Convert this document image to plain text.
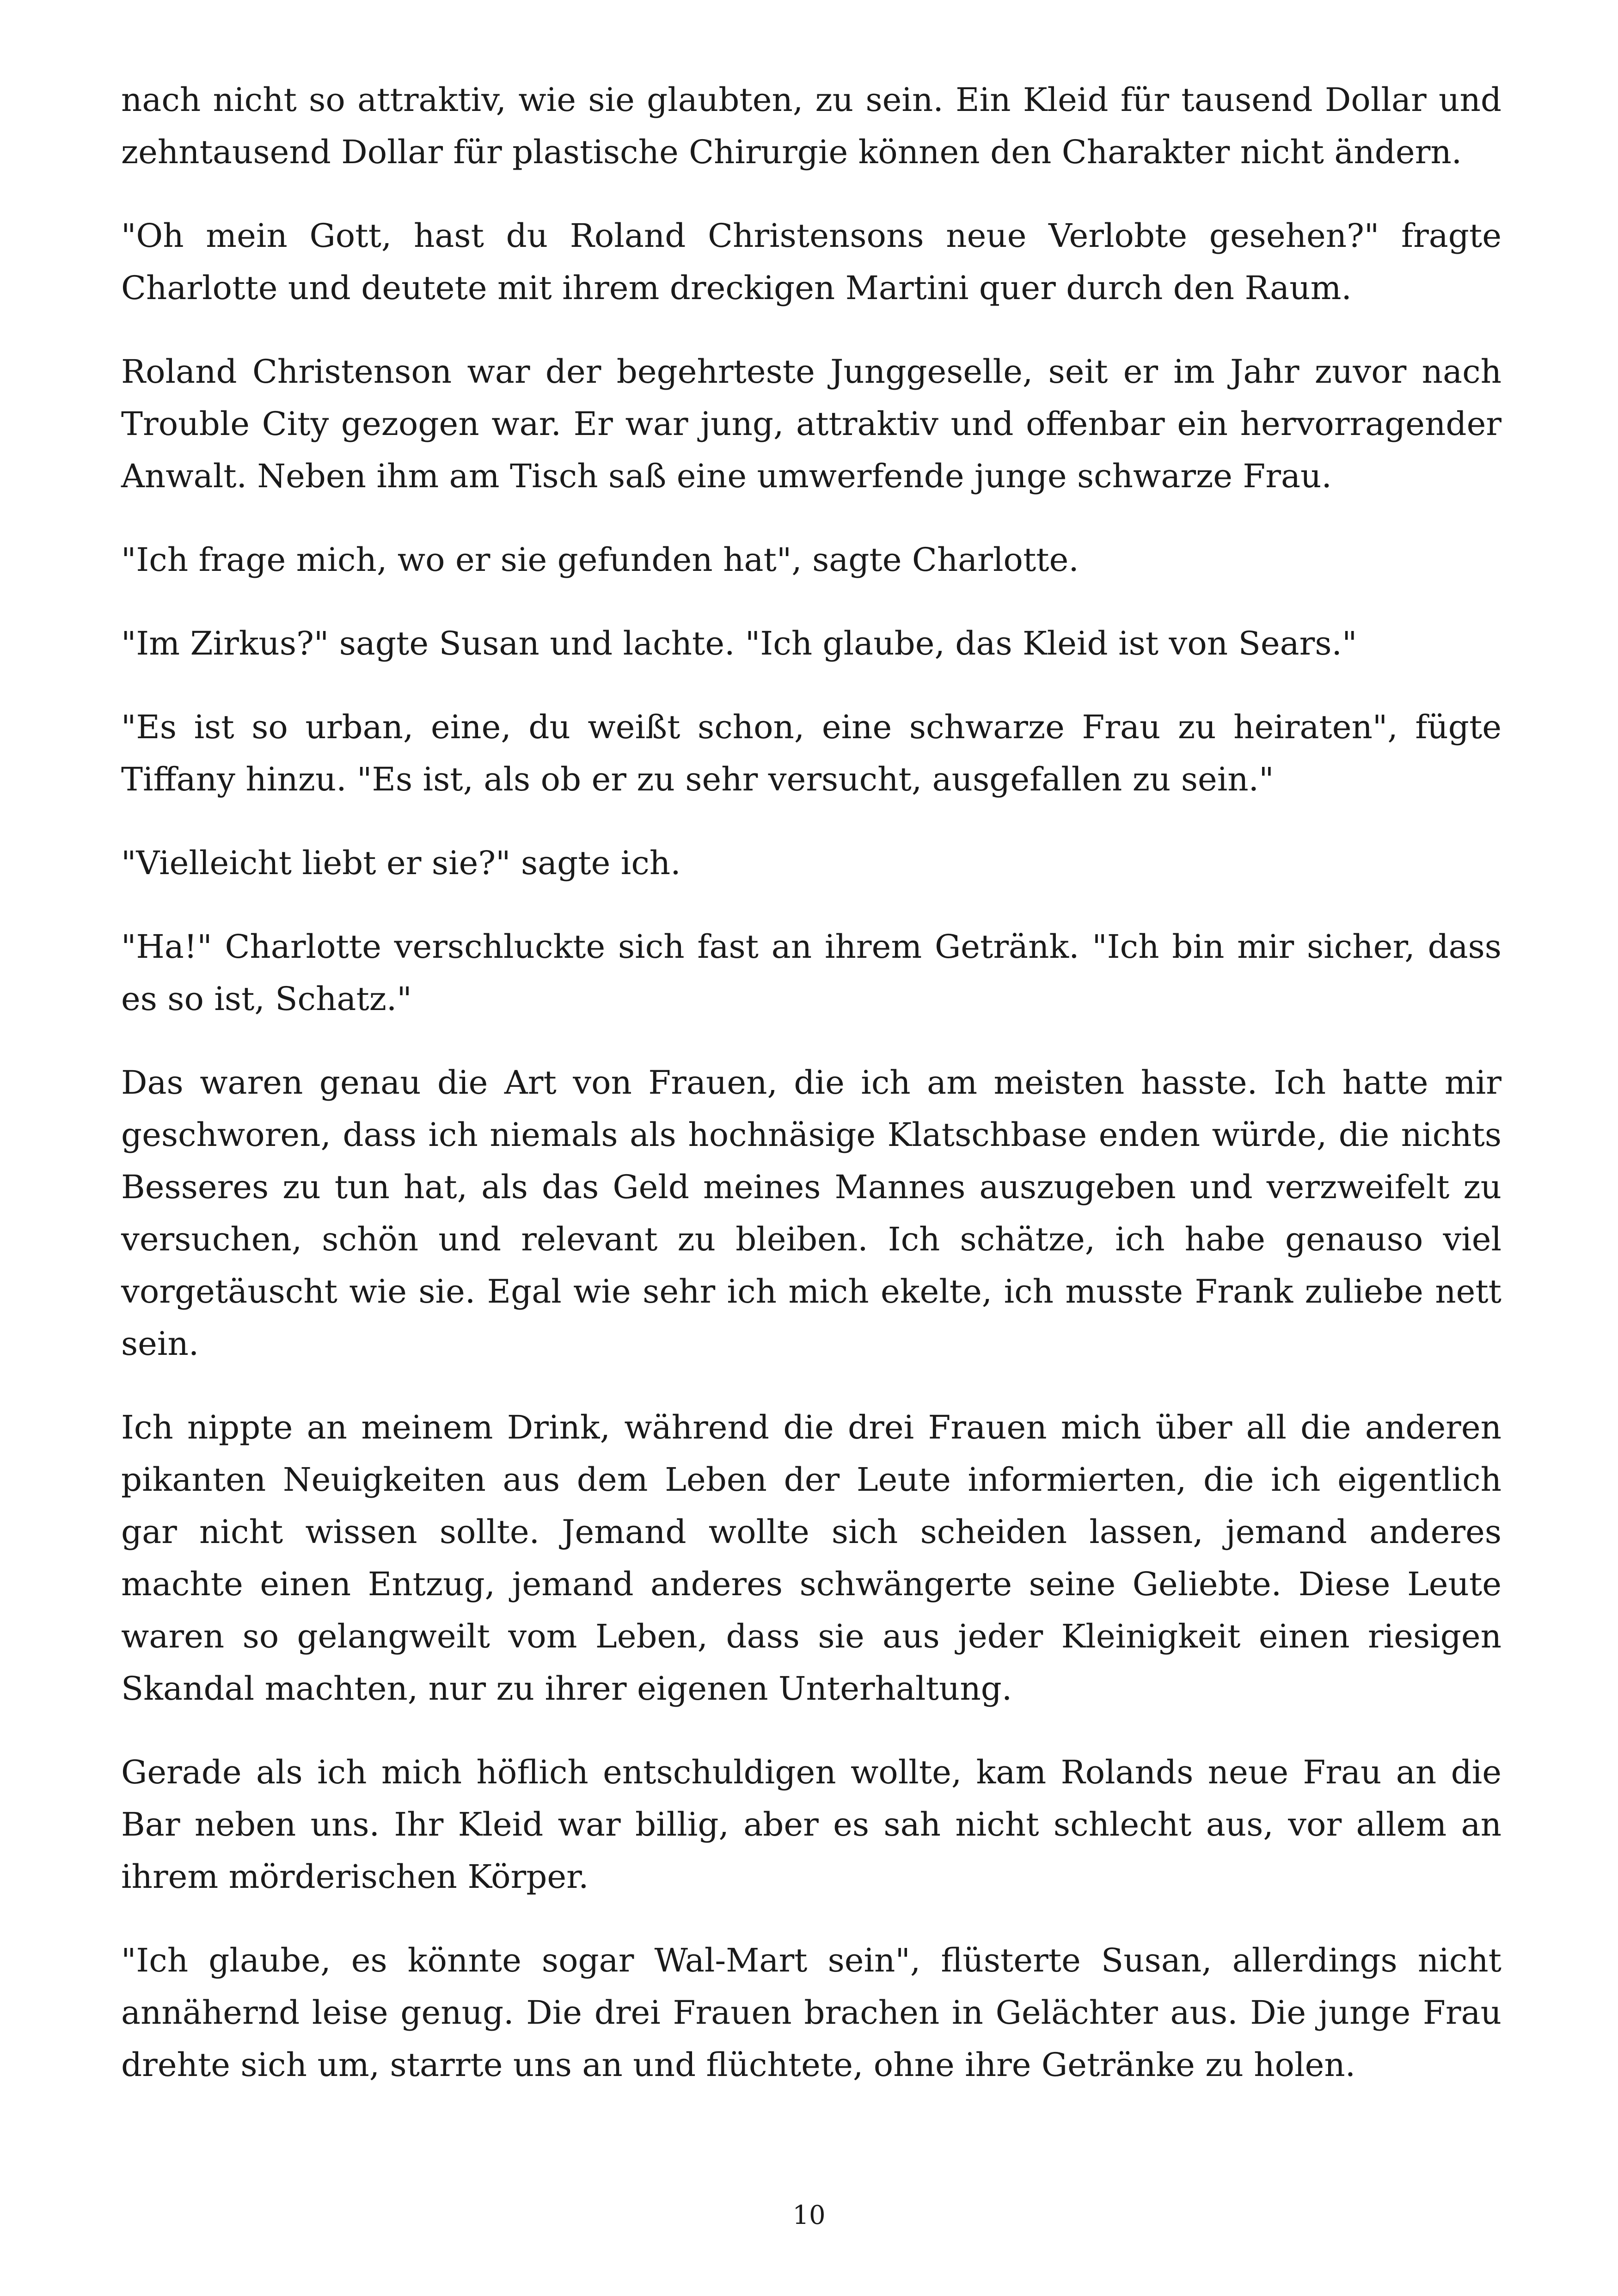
nach nicht so attraktiv, wie sie glaubten, zu sein. Ein Kleid für tausend Dollar und zehntausend Dollar für plastische Chirurgie können den Charakter nicht ändern.

"Oh mein Gott, hast du Roland Christensons neue Verlobte gesehen?" fragte Charlotte und deutete mit ihrem dreckigen Martini quer durch den Raum.

Roland Christenson war der begehrteste Junggeselle, seit er im Jahr zuvor nach Trouble City gezogen war. Er war jung, attraktiv und offenbar ein hervorragender Anwalt. Neben ihm am Tisch saß eine umwerfende junge schwarze Frau.

"Ich frage mich, wo er sie gefunden hat", sagte Charlotte.

"Im Zirkus?" sagte Susan und lachte. "Ich glaube, das Kleid ist von Sears."

"Es ist so urban, eine, du weißt schon, eine schwarze Frau zu heiraten", fügte Tiffany hinzu. "Es ist, als ob er zu sehr versucht, ausgefallen zu sein."

"Vielleicht liebt er sie?" sagte ich.

"Ha!" Charlotte verschluckte sich fast an ihrem Getränk. "Ich bin mir sicher, dass es so ist, Schatz."

Das waren genau die Art von Frauen, die ich am meisten hasste. Ich hatte mir geschworen, dass ich niemals als hochnäsige Klatschbase enden würde, die nichts Besseres zu tun hat, als das Geld meines Mannes auszugeben und verzweifelt zu versuchen, schön und relevant zu bleiben. Ich schätze, ich habe genauso viel vorgetäuscht wie sie. Egal wie sehr ich mich ekelte, ich musste Frank zuliebe nett sein.

Ich nippte an meinem Drink, während die drei Frauen mich über all die anderen pikanten Neuigkeiten aus dem Leben der Leute informierten, die ich eigentlich gar nicht wissen sollte. Jemand wollte sich scheiden lassen, jemand anderes machte einen Entzug, jemand anderes schwängerte seine Geliebte. Diese Leute waren so gelangweilt vom Leben, dass sie aus jeder Kleinigkeit einen riesigen Skandal machten, nur zu ihrer eigenen Unterhaltung.

Gerade als ich mich höflich entschuldigen wollte, kam Rolands neue Frau an die Bar neben uns. Ihr Kleid war billig, aber es sah nicht schlecht aus, vor allem an ihrem mörderischen Körper.

"Ich glaube, es könnte sogar Wal-Mart sein", flüsterte Susan, allerdings nicht annähernd leise genug. Die drei Frauen brachen in Gelächter aus. Die junge Frau drehte sich um, starrte uns an und flüchtete, ohne ihre Getränke zu holen.

10
